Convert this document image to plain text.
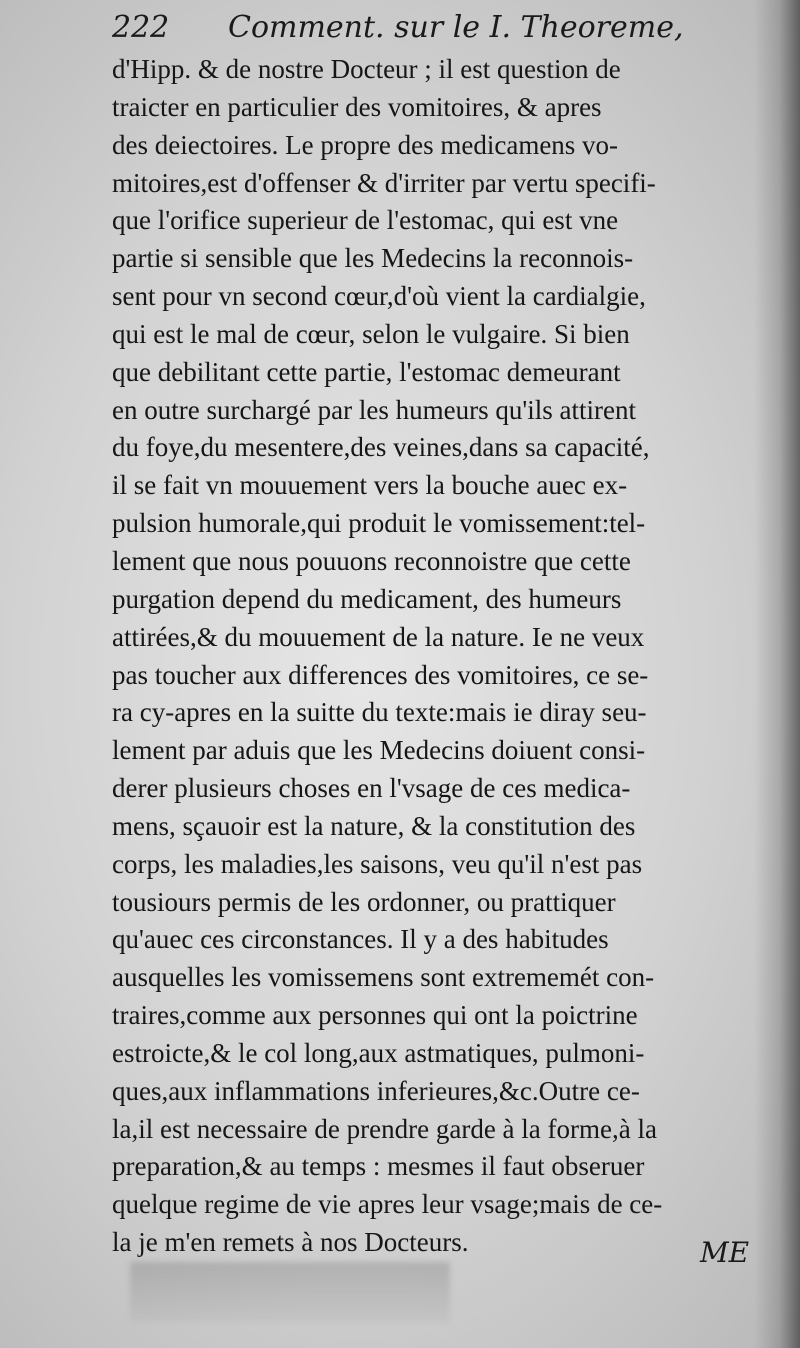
222 Comment. sur le I. Theoreme,
d'Hipp. & de nostre Docteur ; il est question de
traicter en particulier des vomitoires, & apres
des deiectoires. Le propre des medicamens vo-
mitoires,est d'offenser & d'irriter par vertu specifi-
que l'orifice superieur de l'estomac, qui est vne
partie si sensible que les Medecins la reconnois-
sent pour vn second cœur,d'où vient la cardialgie,
qui est le mal de cœur, selon le vulgaire. Si bien
que debilitant cette partie, l'estomac demeurant
en outre surchargé par les humeurs qu'ils attirent
du foye,du mesentere,des veines,dans sa capacité,
il se fait vn mouuement vers la bouche auec ex-
pulsion humorale,qui produit le vomissement:tel-
lement que nous pouuons reconnoistre que cette
purgation depend du medicament, des humeurs
attirées,& du mouuement de la nature. Ie ne veux
pas toucher aux differences des vomitoires, ce se-
ra cy-apres en la suitte du texte:mais ie diray seu-
lement par aduis que les Medecins doiuent consi-
derer plusieurs choses en l'vsage de ces medica-
mens, sçauoir est la nature, & la constitution des
corps, les maladies,les saisons, veu qu'il n'est pas
tousiours permis de les ordonner, ou prattiquer
qu'auec ces circonstances. Il y a des habitudes
ausquelles les vomissemens sont extrememét con-
traires,comme aux personnes qui ont la poictrine
estroicte,& le col long,aux astmatiques, pulmoni-
ques,aux inflammations inferieures,&c.Outre ce-
la,il est necessaire de prendre garde à la forme,à la
preparation,& au temps : mesmes il faut obseruer
quelque regime de vie apres leur vsage;mais de ce-
la je m'en remets à nos Docteurs.	ME
